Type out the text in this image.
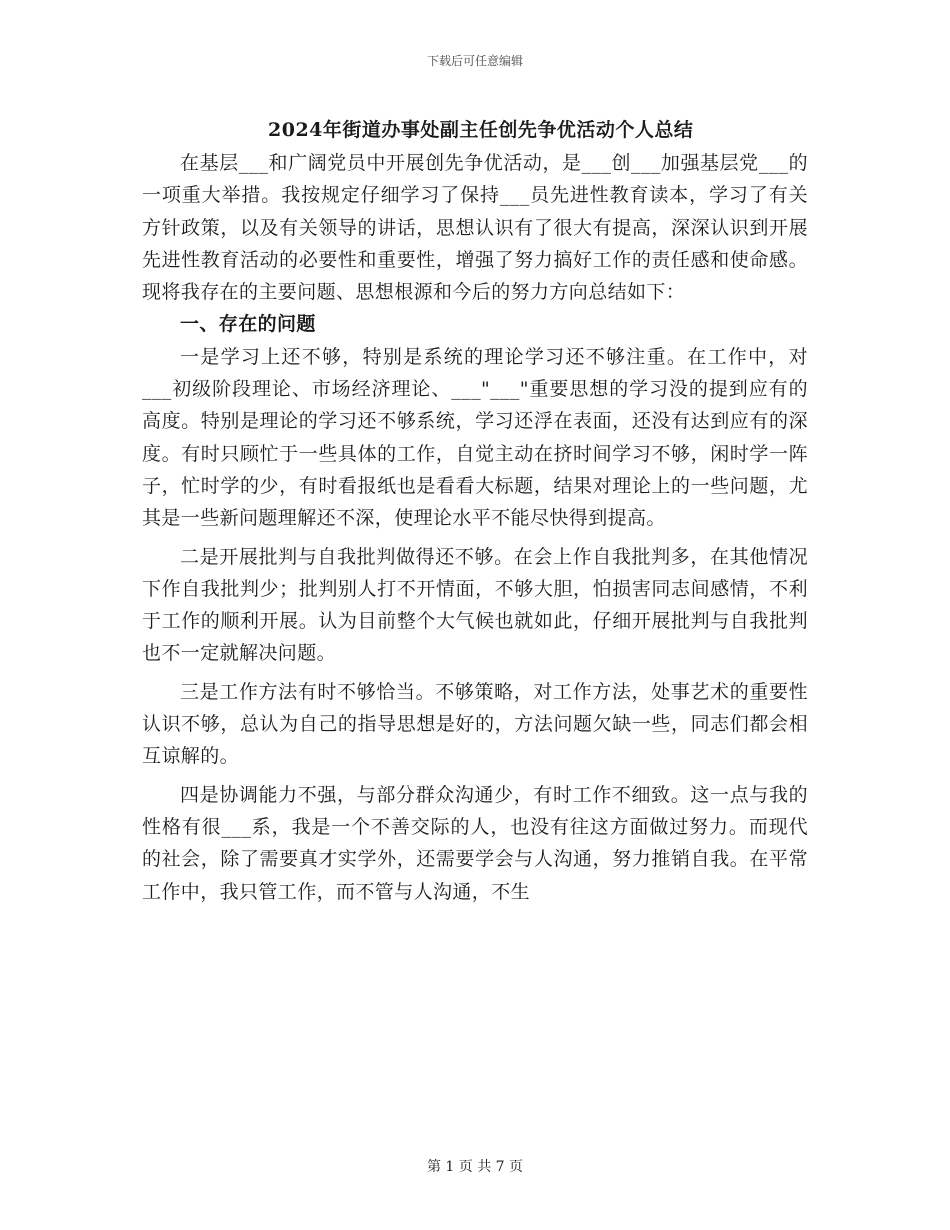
下载后可任意编辑
2024年街道办事处副主任创先争优活动个人总结

在基层___和广阔党员中开展创先争优活动，是___创___加强基层党___的一项重大举措。我按规定仔细学习了保持___员先进性教育读本，学习了有关方针政策，以及有关领导的讲话，思想认识有了很大有提高，深深认识到开展先进性教育活动的必要性和重要性，增强了努力搞好工作的责任感和使命感。现将我存在的主要问题、思想根源和今后的努力方向总结如下：

一、存在的问题

一是学习上还不够，特别是系统的理论学习还不够注重。在工作中，对___初级阶段理论、市场经济理论、___"___"重要思想的学习没的提到应有的高度。特别是理论的学习还不够系统，学习还浮在表面，还没有达到应有的深度。有时只顾忙于一些具体的工作，自觉主动在挤时间学习不够，闲时学一阵子，忙时学的少，有时看报纸也是看看大标题，结果对理论上的一些问题，尤其是一些新问题理解还不深，使理论水平不能尽快得到提高。

二是开展批判与自我批判做得还不够。在会上作自我批判多，在其他情况下作自我批判少；批判别人打不开情面，不够大胆，怕损害同志间感情，不利于工作的顺利开展。认为目前整个大气候也就如此，仔细开展批判与自我批判也不一定就解决问题。

三是工作方法有时不够恰当。不够策略，对工作方法，处事艺术的重要性认识不够，总认为自己的指导思想是好的，方法问题欠缺一些，同志们都会相互谅解的。

四是协调能力不强，与部分群众沟通少，有时工作不细致。这一点与我的性格有很___系，我是一个不善交际的人，也没有往这方面做过努力。而现代的社会，除了需要真才实学外，还需要学会与人沟通，努力推销自我。在平常工作中，我只管工作，而不管与人沟通，不生

第 1 页 共 7 页
